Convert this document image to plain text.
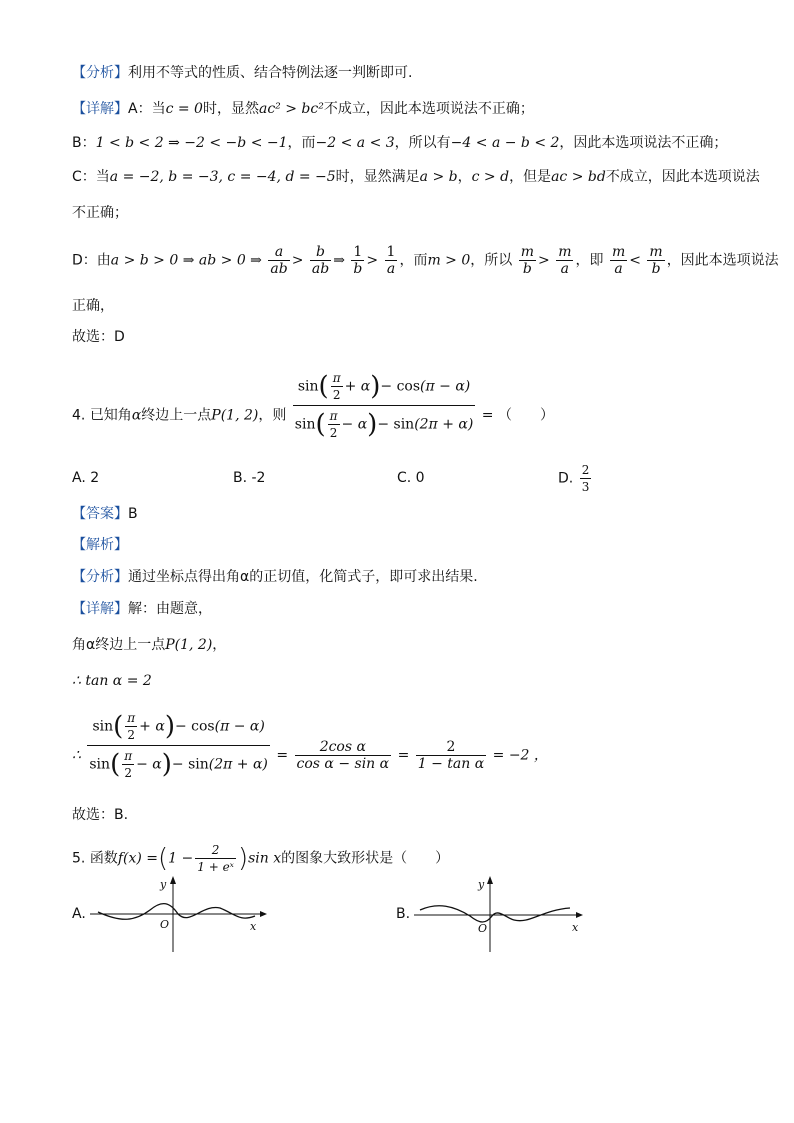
【分析】利用不等式的性质、结合特例法逐一判断即可.
【详解】A：当c = 0时，显然ac² > bc²不成立，因此本选项说法不正确；
B：1 < b < 2 ⇒ −2 < −b < −1，而−2 < a < 3，所以有−4 < a − b < 2，因此本选项说法不正确；
C：当a = −2, b = −3, c = −4, d = −5时，显然满足a > b，c > d，但是ac > bd不成立，因此本选项说法
不正确；
D：由a > b > 0 ⇒ ab > 0 ⇒ $\frac{a}{ab} > \frac{b}{ab}$ ⇒ $\frac{1}{b} > \frac{1}{a}$ ，而m > 0，所以 $\frac{m}{b} > \frac{m}{a}$ ，即 $\frac{m}{a} < \frac{m}{b}$ ，因此本选项说法
正确，
故选：D
4. 已知角α终边上一点P(1, 2)，则 $\frac{\sin( \frac{\pi}{2} + \alpha)- \cos(\pi - \alpha)}{\sin( \frac{\pi}{2} - \alpha)- \sin(2\pi + \alpha)}$ = （　　）
A. 2	B. -2	C. 0	D. $\frac{2}{3}$
【答案】B
【解析】
【分析】通过坐标点得出角α的正切值，化简式子，即可求出结果.
【详解】解：由题意，
角α终边上一点P(1, 2)，
∴ tan α = 2
∴ $\frac{\sin( \frac{\pi}{2} + \alpha)- \cos(\pi - \alpha)}{\sin( \frac{\pi}{2} - \alpha)- \sin(2\pi + \alpha)} = \frac{\text{2cos α}}{\text{cos α − sin α}} = \frac{2}{\text{1 − tan α}} = -2$ ，
故选：B.
5. 函数$f(x) =(1 - \frac{2}{\text{1 + eˣ}} )\sin$ x的图象大致形状是（　　）
A.
y
x
O
B.
y
x
O
